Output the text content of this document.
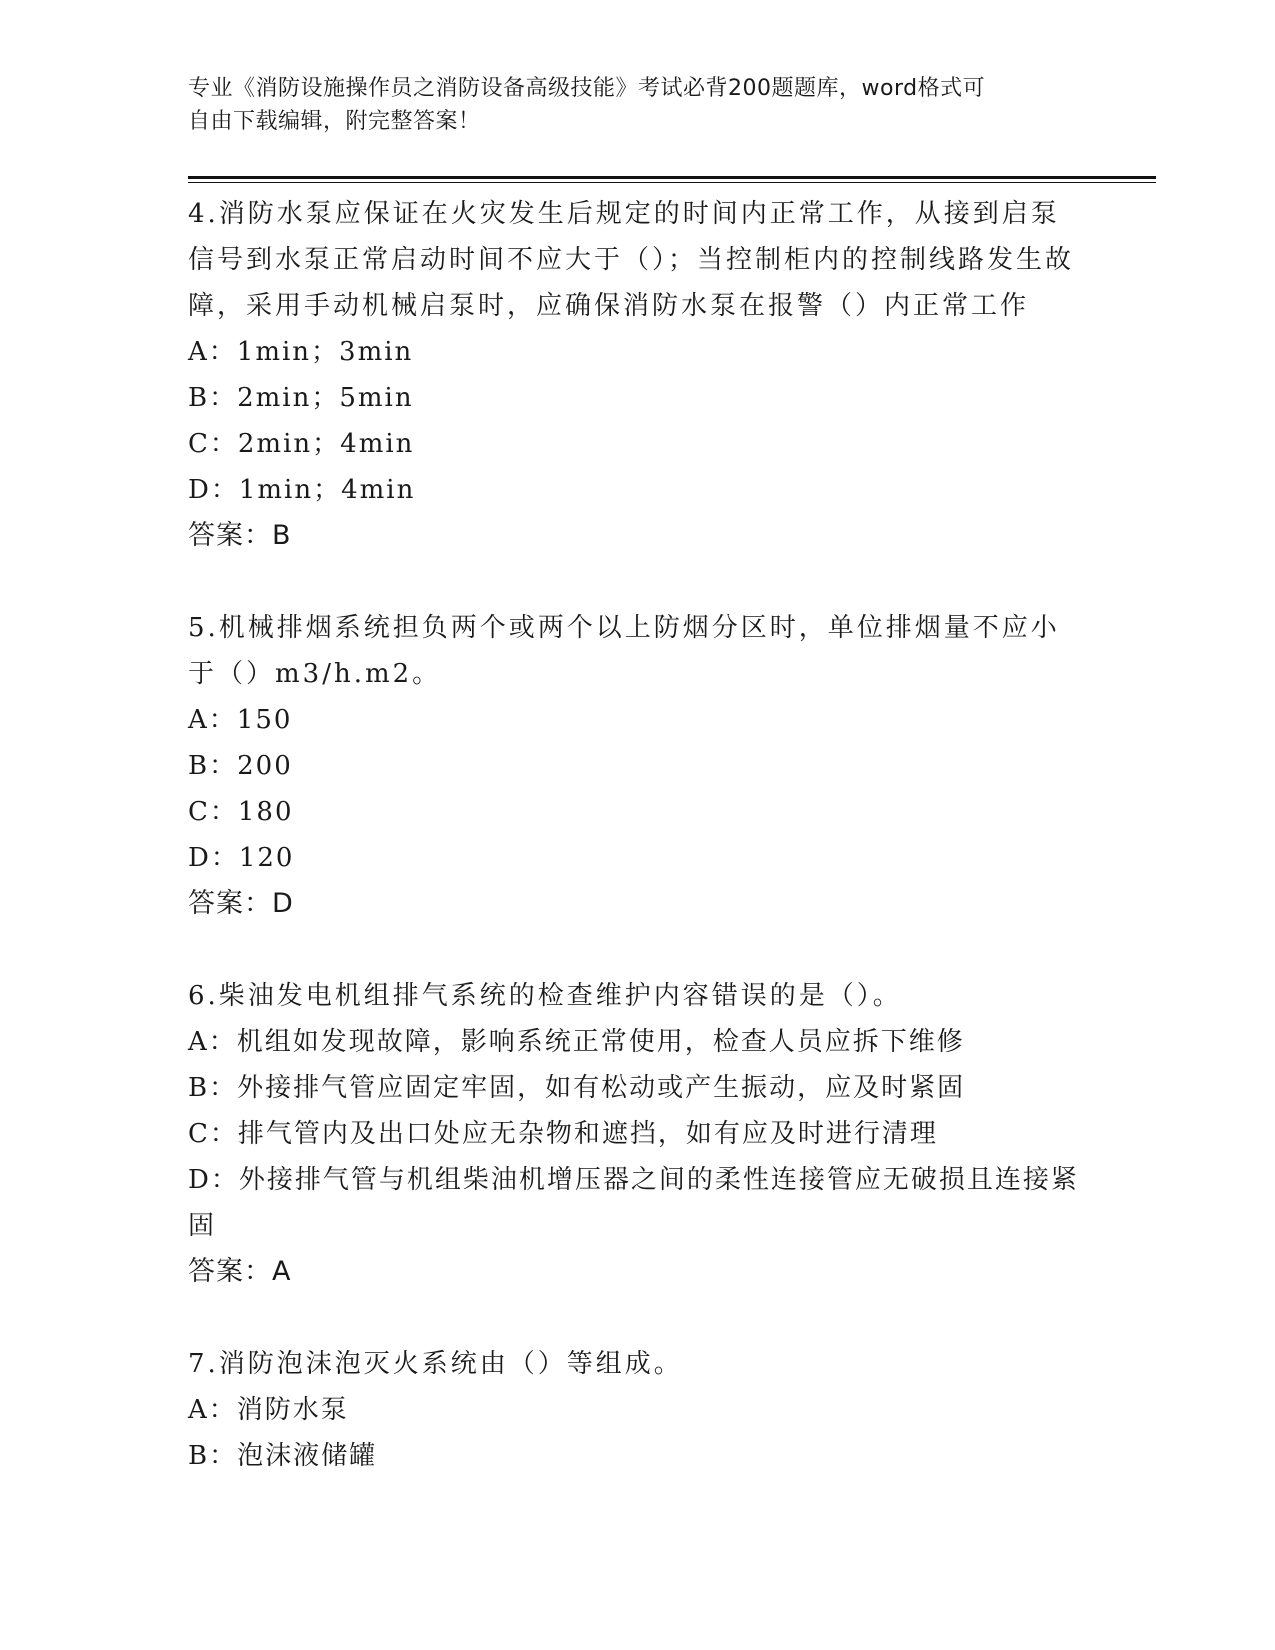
专业《消防设施操作员之消防设备高级技能》考试必背200题题库，word格式可
自由下载编辑，附完整答案！
4.消防水泵应保证在火灾发生后规定的时间内正常工作，从接到启泵信号到水泵正常启动时间不应大于（）；当控制柜内的控制线路发生故障，采用手动机械启泵时，应确保消防水泵在报警（）内正常工作
A：1min；3min
B：2min；5min
C：2min；4min
D：1min；4min
答案：B
5.机械排烟系统担负两个或两个以上防烟分区时，单位排烟量不应小于（）m3/h.m2。
A：150
B：200
C：180
D：120
答案：D
6.柴油发电机组排气系统的检查维护内容错误的是（）。
A：机组如发现故障，影响系统正常使用，检查人员应拆下维修
B：外接排气管应固定牢固，如有松动或产生振动，应及时紧固
C：排气管内及出口处应无杂物和遮挡，如有应及时进行清理
D：外接排气管与机组柴油机增压器之间的柔性连接管应无破损且连接紧固
答案：A
7.消防泡沫泡灭火系统由（）等组成。
A：消防水泵
B：泡沫液储罐
